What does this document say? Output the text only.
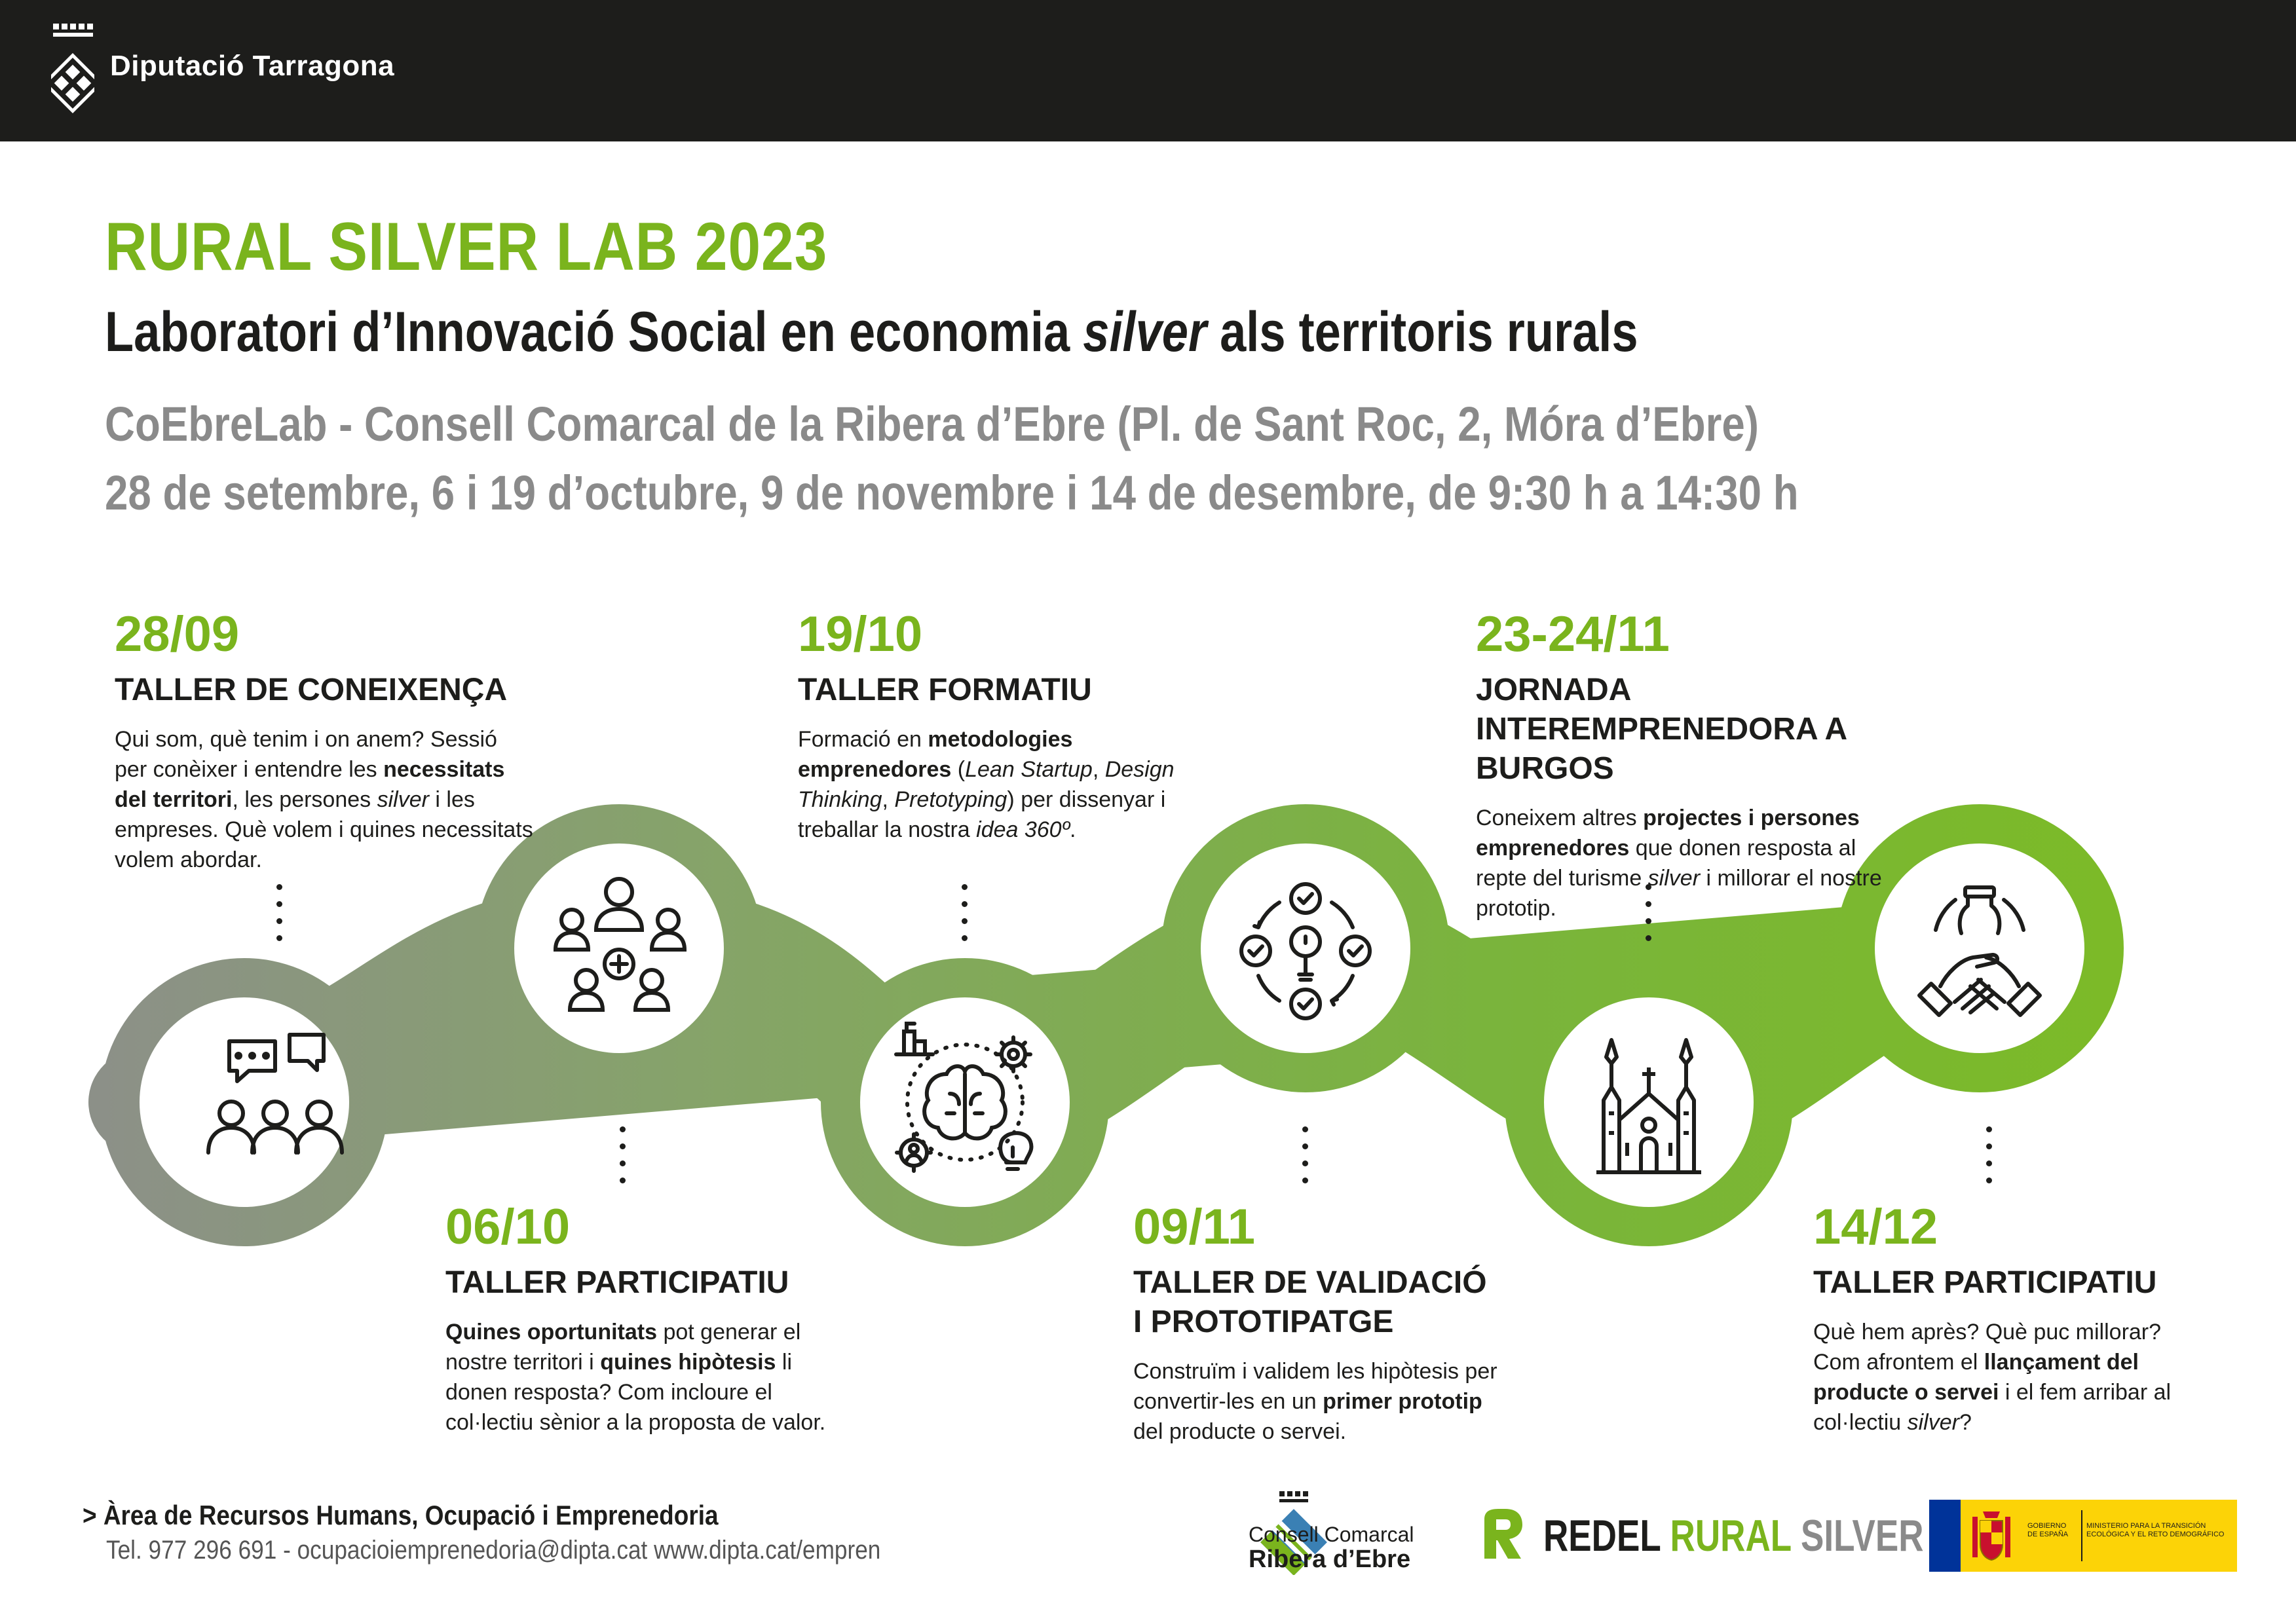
Diputació Tarragona
RURAL SILVER LAB 2023
Laboratori d’Innovació Social en economia silver als territoris rurals
CoEbreLab - Consell Comarcal de la Ribera d’Ebre (Pl. de Sant Roc, 2, Móra d’Ebre)
28 de setembre, 6 i 19 d’octubre, 9 de novembre i 14 de desembre, de 9:30 h a 14:30 h
28/09
TALLER DE CONEIXENÇA
Qui som, què tenim i on anem? Sessió per conèixer i entendre les necessitats del territori, les persones silver i les empreses. Què volem i quines necessitats volem abordar.
06/10
TALLER PARTICIPATIU
Quines oportunitats pot generar el nostre territori i quines hipòtesis li donen resposta? Com incloure el col·lectiu sènior a la proposta de valor.
19/10
TALLER FORMATIU
Formació en metodologies emprenedores (Lean Startup, Design Thinking, Pretotyping) per dissenyar i treballar la nostra idea 360º.
09/11
TALLER DE VALIDACIÓ I PROTOTIPATGE
Construïm i validem les hipòtesis per convertir-les en un primer prototip del producte o servei.
23-24/11
JORNADA INTEREMPRENEDORA A BURGOS
Coneixem altres projectes i persones emprenedores que donen resposta al repte del turisme silver i millorar el nostre prototip.
14/12
TALLER PARTICIPATIU
Què hem après? Què puc millorar? Com afrontem el llançament del producte o servei i el fem arribar al col·lectiu silver?
> Àrea de Recursos Humans, Ocupació i Emprenedoria
Tel. 977 296 691 - ocupacioiemprenedoria@dipta.cat www.dipta.cat/empren
Consell Comarcal
Ribera d’Ebre	REDEL RURAL SILVER	GOBIERNO DE ESPAÑA
MINISTERIO PARA LA TRANSICIÓN ECOLÓGICA Y EL RETO DEMOGRÁFICO
